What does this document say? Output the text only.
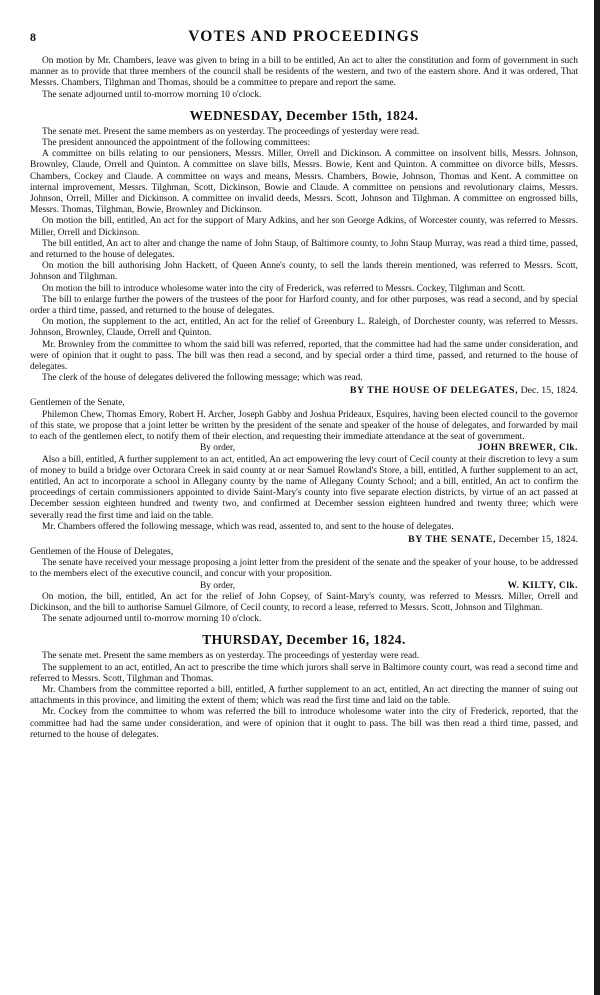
8	VOTES AND PROCEEDINGS

On motion by Mr. Chambers, leave was given to bring in a bill to be entitled, An act to alter the constitution and form of government in such manner as to provide that three members of the council shall be residents of the western, and two of the eastern shore. And it was ordered, That Messrs. Chambers, Tilghman and Thomas, should be a committee to prepare and report the same.

The senate adjourned until to-morrow morning 10 o'clock.

WEDNESDAY, December 15th, 1824.

The senate met. Present the same members as on yesterday. The proceedings of yesterday were read.

The president announced the appointment of the following committees:

A committee on bills relating to our pensioners, Messrs. Miller, Orrell and Dickinson. A committee on insolvent bills, Messrs. Johnson, Brownley, Claude, Orrell and Quinton. A committee on slave bills, Messrs. Bowie, Kent and Quinton. A committee on divorce bills, Messrs. Chambers, Cockey and Claude. A committee on ways and means, Messrs. Chambers, Bowie, Johnson, Thomas and Kent. A committee on internal improvement, Messrs. Tilghman, Scott, Dickinson, Bowie and Claude. A committee on pensions and revolutionary claims, Messrs. Johnson, Orrell, Miller and Dickinson. A committee on invalid deeds, Messrs. Scott, Johnson and Tilghman. A committee on engrossed bills, Messrs. Thomas, Tilghman, Bowie, Brownley and Dickinson.

On motion the bill, entitled, An act for the support of Mary Adkins, and her son George Adkins, of Worcester county, was referred to Messrs. Miller, Orrell and Dickinson.

The bill entitled, An act to alter and change the name of John Staup, of Baltimore county, to John Staup Murray, was read a third time, passed, and returned to the house of delegates.

On motion the bill authorising John Hackett, of Queen Anne's county, to sell the lands therein mentioned, was referred to Messrs. Scott, Johnson and Tilghman.

On motion the bill to introduce wholesome water into the city of Frederick, was referred to Messrs. Cockey, Tilghman and Scott.

The bill to enlarge further the powers of the trustees of the poor for Harford county, and for other purposes, was read a second, and by special order a third time, passed, and returned to the house of delegates.

On motion, the supplement to the act, entitled, An act for the relief of Greenbury L. Raleigh, of Dorchester county, was referred to Messrs. Johnson, Brownley, Claude, Orrell and Quinton.

Mr. Brownley from the committee to whom the said bill was referred, reported, that the committee had had the same under consideration, and were of opinion that it ought to pass. The bill was then read a second, and by special order a third time, passed, and returned to the house of delegates.

The clerk of the house of delegates delivered the following message; which was read.

BY THE HOUSE OF DELEGATES, Dec. 15, 1824.

Gentlemen of the Senate,

Philemon Chew, Thomas Emory, Robert H. Archer, Joseph Gabby and Joshua Prideaux, Esquires, having been elected council to the governor of this state, we propose that a joint letter be written by the president of the senate and speaker of the house of delegates, and forwarded by mail to each of the gentlemen elect, to notify them of their election, and requesting their immediate attendance at the seat of government.

By order,	JOHN BREWER, Clk.

Also a bill, entitled, A further supplement to an act, entitled, An act empowering the levy court of Cecil county at their discretion to levy a sum of money to build a bridge over Octorara Creek in said county at or near Samuel Rowland's Store, a bill, entitled, A further supplement to an act, entitled, An act to incorporate a school in Allegany county by the name of Allegany County School; and a bill, entitled, An act to confirm the proceedings of certain commissioners appointed to divide Saint-Mary's county into five separate election districts, by virtue of an act passed at December session eighteen hundred and twenty two, and confirmed at December session eighteen hundred and twenty three; which were severally read the first time and laid on the table.

Mr. Chambers offered the following message, which was read, assented to, and sent to the house of delegates.

BY THE SENATE, December 15, 1824.

Gentlemen of the House of Delegates,

The senate have received your message proposing a joint letter from the president of the senate and the speaker of your house, to be addressed to the members elect of the executive council, and concur with your proposition.

By order,	W. KILTY, Clk.

On motion, the bill, entitled, An act for the relief of John Copsey, of Saint-Mary's county, was referred to Messrs. Miller, Orrell and Dickinson, and the bill to authorise Samuel Gilmore, of Cecil county, to record a lease, referred to Messrs. Scott, Johnson and Tilghman.

The senate adjourned until to-morrow morning 10 o'clock.

THURSDAY, December 16, 1824.

The senate met. Present the same members as on yesterday. The proceedings of yesterday were read.

The supplement to an act, entitled, An act to prescribe the time which jurors shall serve in Baltimore county court, was read a second time and referred to Messrs. Scott, Tilghman and Thomas.

Mr. Chambers from the committee reported a bill, entitled, A further supplement to an act, entitled, An act directing the manner of suing out attachments in this province, and limiting the extent of them; which was read the first time and laid on the table.

Mr. Cockey from the committee to whom was referred the bill to introduce wholesome water into the city of Frederick, reported, that the committee had had the same under consideration, and were of opinion that it ought to pass. The bill was then read a third time, passed, and returned to the house of delegates.
